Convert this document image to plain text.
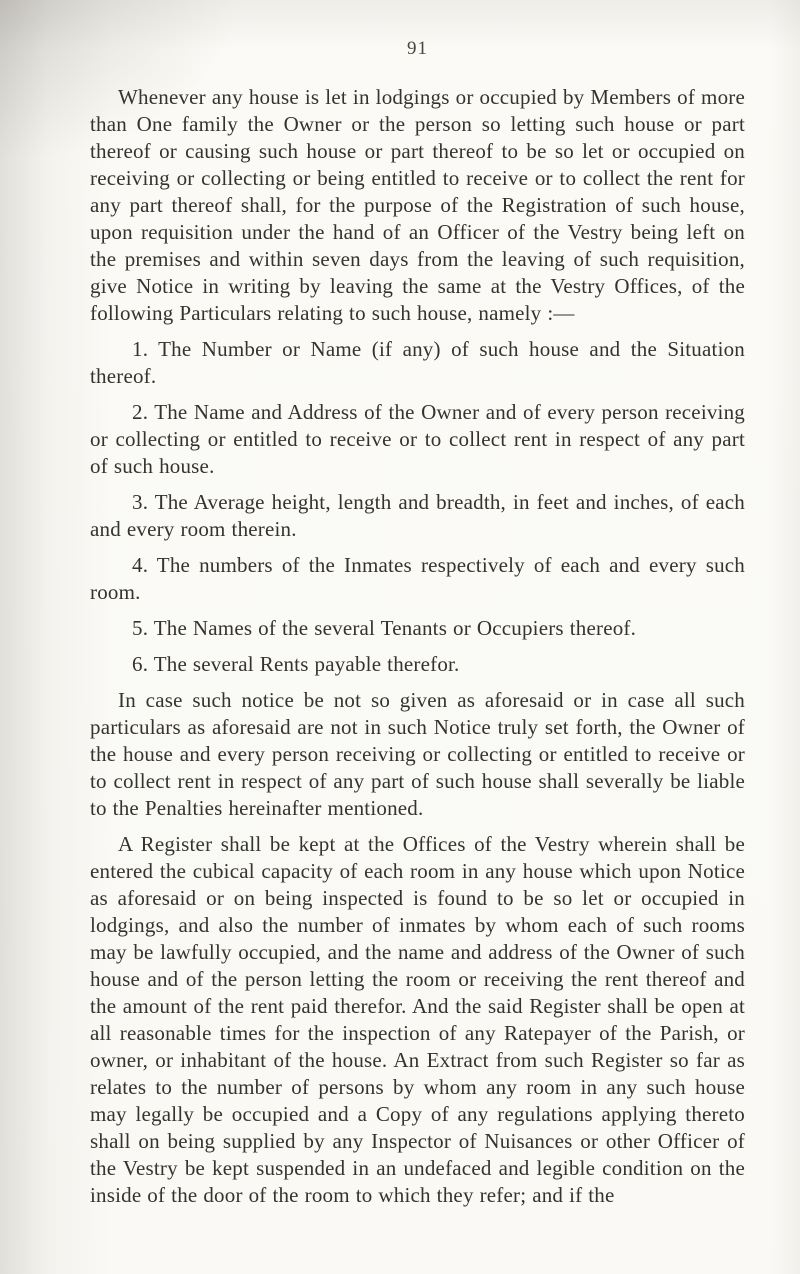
91

Whenever any house is let in lodgings or occupied by Members of more than One family the Owner or the person so letting such house or part thereof or causing such house or part thereof to be so let or occupied on receiving or collecting or being entitled to receive or to collect the rent for any part thereof shall, for the purpose of the Registration of such house, upon requisition under the hand of an Officer of the Vestry being left on the premises and within seven days from the leaving of such requisition, give Notice in writing by leaving the same at the Vestry Offices, of the following Particulars relating to such house, namely :—

1. The Number or Name (if any) of such house and the Situation thereof.

2. The Name and Address of the Owner and of every person receiving or collecting or entitled to receive or to collect rent in respect of any part of such house.

3. The Average height, length and breadth, in feet and inches, of each and every room therein.

4. The numbers of the Inmates respectively of each and every such room.

5. The Names of the several Tenants or Occupiers thereof.

6. The several Rents payable therefor.

In case such notice be not so given as aforesaid or in case all such particulars as aforesaid are not in such Notice truly set forth, the Owner of the house and every person receiving or collecting or entitled to receive or to collect rent in respect of any part of such house shall severally be liable to the Penalties hereinafter mentioned.

A Register shall be kept at the Offices of the Vestry wherein shall be entered the cubical capacity of each room in any house which upon Notice as aforesaid or on being inspected is found to be so let or occupied in lodgings, and also the number of inmates by whom each of such rooms may be lawfully occupied, and the name and address of the Owner of such house and of the person letting the room or receiving the rent thereof and the amount of the rent paid therefor. And the said Register shall be open at all reasonable times for the inspection of any Ratepayer of the Parish, or owner, or inhabitant of the house. An Extract from such Register so far as relates to the number of persons by whom any room in any such house may legally be occupied and a Copy of any regulations applying thereto shall on being supplied by any Inspector of Nuisances or other Officer of the Vestry be kept suspended in an undefaced and legible condition on the inside of the door of the room to which they refer; and if the
